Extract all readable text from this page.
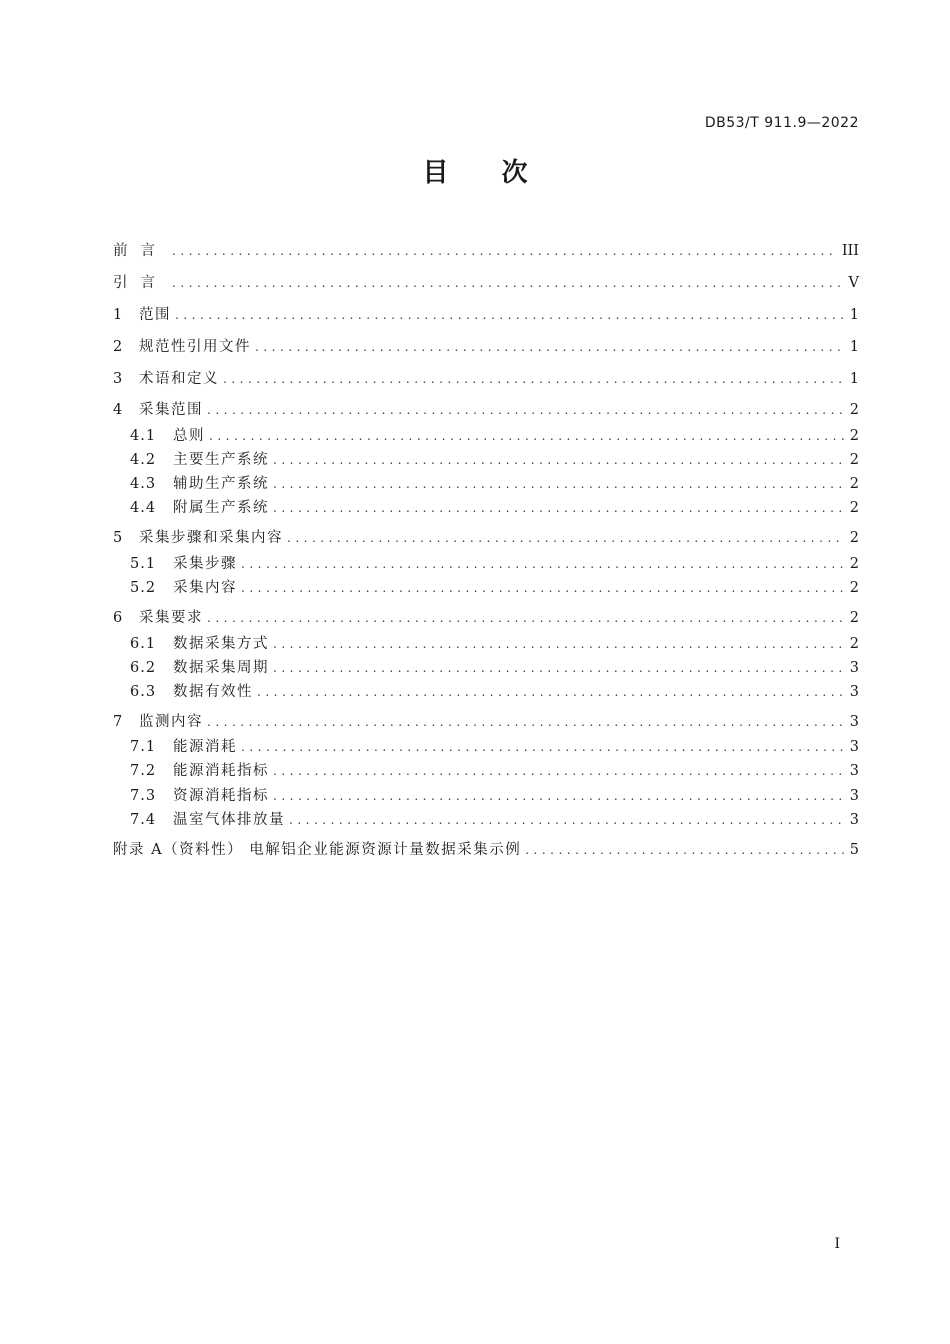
DB53/T 911.9—2022
目 次
前言 .....	III
引言 .....	V
1	范围 .....	1
2	规范性引用文件 .....	1
3	术语和定义 .....	1
4	采集范围 .....	2
4.1	总则 .....	2
4.2	主要生产系统 .....	2
4.3	辅助生产系统 .....	2
4.4	附属生产系统 .....	2
5	采集步骤和采集内容 .....	2
5.1	采集步骤 .....	2
5.2	采集内容 .....	2
6	采集要求 .....	2
6.1	数据采集方式 .....	2
6.2	数据采集周期 .....	3
6.3	数据有效性 .....	3
7	监测内容 .....	3
7.1	能源消耗 .....	3
7.2	能源消耗指标 .....	3
7.3	资源消耗指标 .....	3
7.4	温室气体排放量 .....	3
附录 A（资料性） 电解铝企业能源资源计量数据采集示例 .....	5
I
